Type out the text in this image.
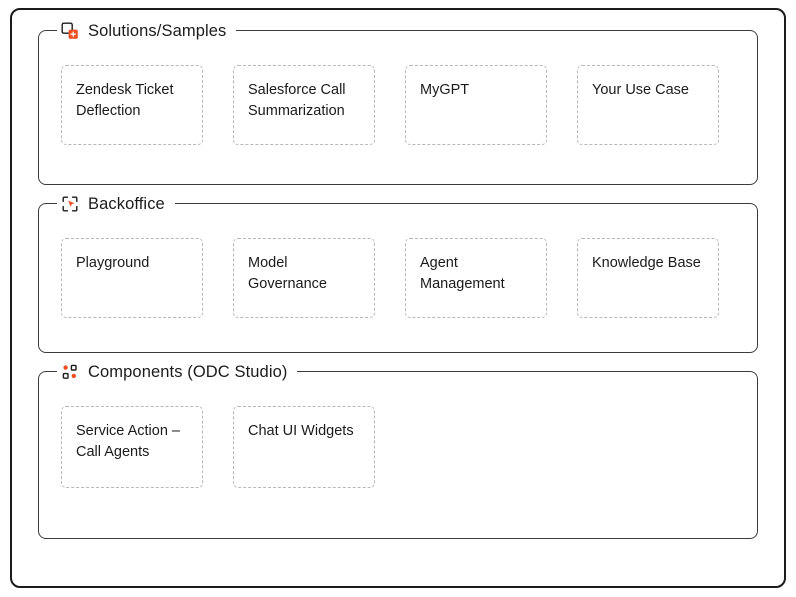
Solutions/Samples
Zendesk Ticket Deflection
Salesforce Call Summarization
MyGPT	Your Use Case
Backoffice
Playground	Model Governance
Agent Management
Knowledge Base
Components (ODC Studio)
Service Action – Call Agents
Chat UI Widgets
